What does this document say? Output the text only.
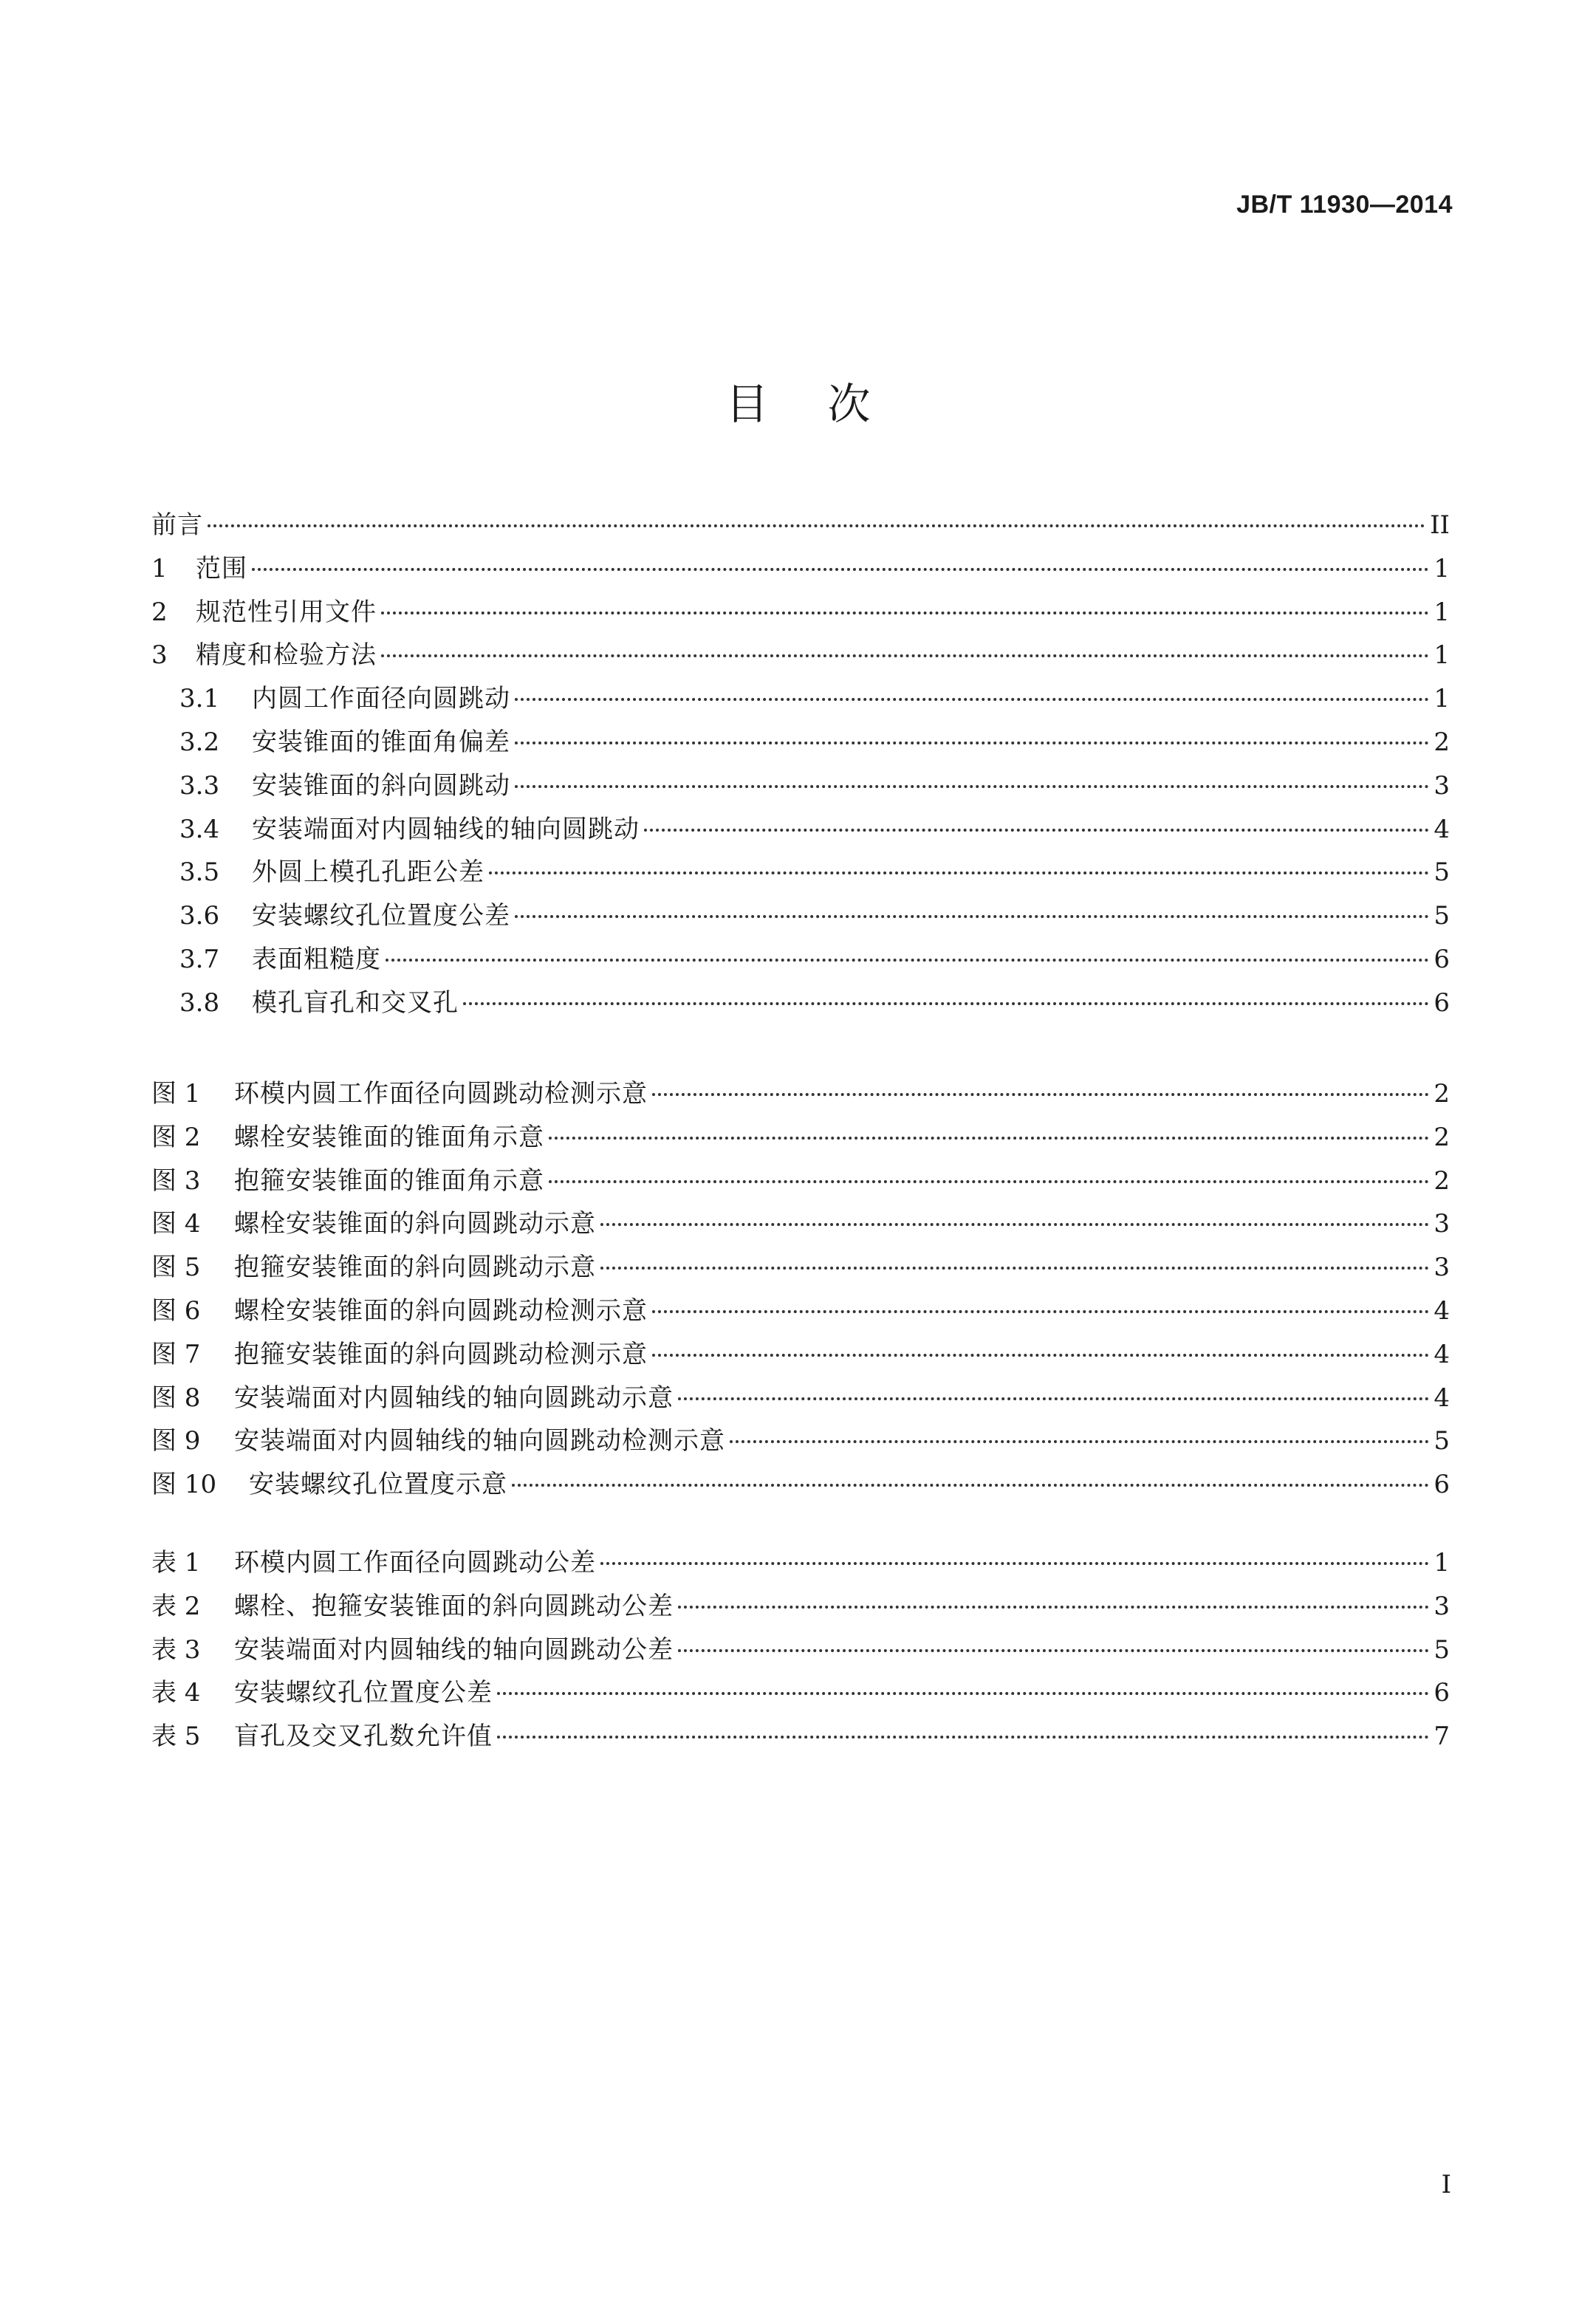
JB/T 11930—2014
目次
前言	II
1	范围	1
2	规范性引用文件	1
3	精度和检验方法	1
3.1	内圆工作面径向圆跳动	1
3.2	安装锥面的锥面角偏差	2
3.3	安装锥面的斜向圆跳动	3
3.4	安装端面对内圆轴线的轴向圆跳动	4
3.5	外圆上模孔孔距公差	5
3.6	安装螺纹孔位置度公差	5
3.7	表面粗糙度	6
3.8	模孔盲孔和交叉孔	6
图 1	环模内圆工作面径向圆跳动检测示意	2
图 2	螺栓安装锥面的锥面角示意	2
图 3	抱箍安装锥面的锥面角示意	2
图 4	螺栓安装锥面的斜向圆跳动示意	3
图 5	抱箍安装锥面的斜向圆跳动示意	3
图 6	螺栓安装锥面的斜向圆跳动检测示意	4
图 7	抱箍安装锥面的斜向圆跳动检测示意	4
图 8	安装端面对内圆轴线的轴向圆跳动示意	4
图 9	安装端面对内圆轴线的轴向圆跳动检测示意	5
图 10	安装螺纹孔位置度示意	6
表 1	环模内圆工作面径向圆跳动公差	1
表 2	螺栓、抱箍安装锥面的斜向圆跳动公差	3
表 3	安装端面对内圆轴线的轴向圆跳动公差	5
表 4	安装螺纹孔位置度公差	6
表 5	盲孔及交叉孔数允许值	7
I
